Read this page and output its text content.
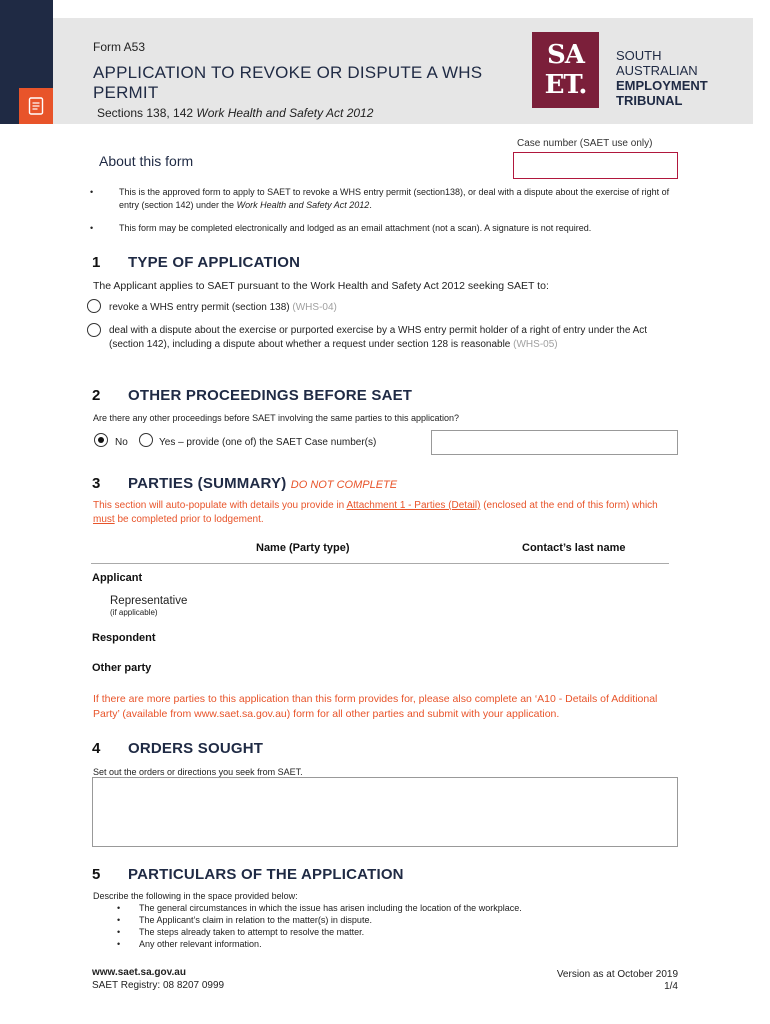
Form A53
APPLICATION TO REVOKE OR DISPUTE A WHS PERMIT
Sections 138, 142 Work Health and Safety Act 2012
SA
ET.
SOUTH
AUSTRALIAN
EMPLOYMENT
TRIBUNAL
Case number (SAET use only)
About this form
•	This is the approved form to apply to SAET to revoke a WHS entry permit (section138), or deal with a dispute about the exercise of right of entry (section 142) under the Work Health and Safety Act 2012.
•	This form may be completed electronically and lodged as an email attachment (not a scan). A signature is not required.
1 TYPE OF APPLICATION
The Applicant applies to SAET pursuant to the Work Health and Safety Act 2012 seeking SAET to:
revoke a WHS entry permit (section 138) (WHS-04)
deal with a dispute about the exercise or purported exercise by a WHS entry permit holder of a right of entry under the Act (section 142), including a dispute about whether a request under section 128 is reasonable (WHS-05)
2 OTHER PROCEEDINGS BEFORE SAET
Are there any other proceedings before SAET involving the same parties to this application?
No	Yes – provide (one of) the SAET Case number(s)
3 PARTIES (SUMMARY) DO NOT COMPLETE
This section will auto-populate with details you provide in Attachment 1 - Parties (Detail) (enclosed at the end of this form) which must be completed prior to lodgement.
Name (Party type)	Contact’s last name
Applicant
Representative
(if applicable)
Respondent
Other party
If there are more parties to this application than this form provides for, please also complete an ‘A10 - Details of Additional Party’ (available from www.saet.sa.gov.au) form for all other parties and submit with your application.
4 ORDERS SOUGHT
Set out the orders or directions you seek from SAET.
5 PARTICULARS OF THE APPLICATION
Describe the following in the space provided below:
• The general circumstances in which the issue has arisen including the location of the workplace.
• The Applicant’s claim in relation to the matter(s) in dispute.
• The steps already taken to attempt to resolve the matter.
• Any other relevant information.
www.saet.sa.gov.au
SAET Registry: 08 8207 0999
Version as at October 2019
1/4
